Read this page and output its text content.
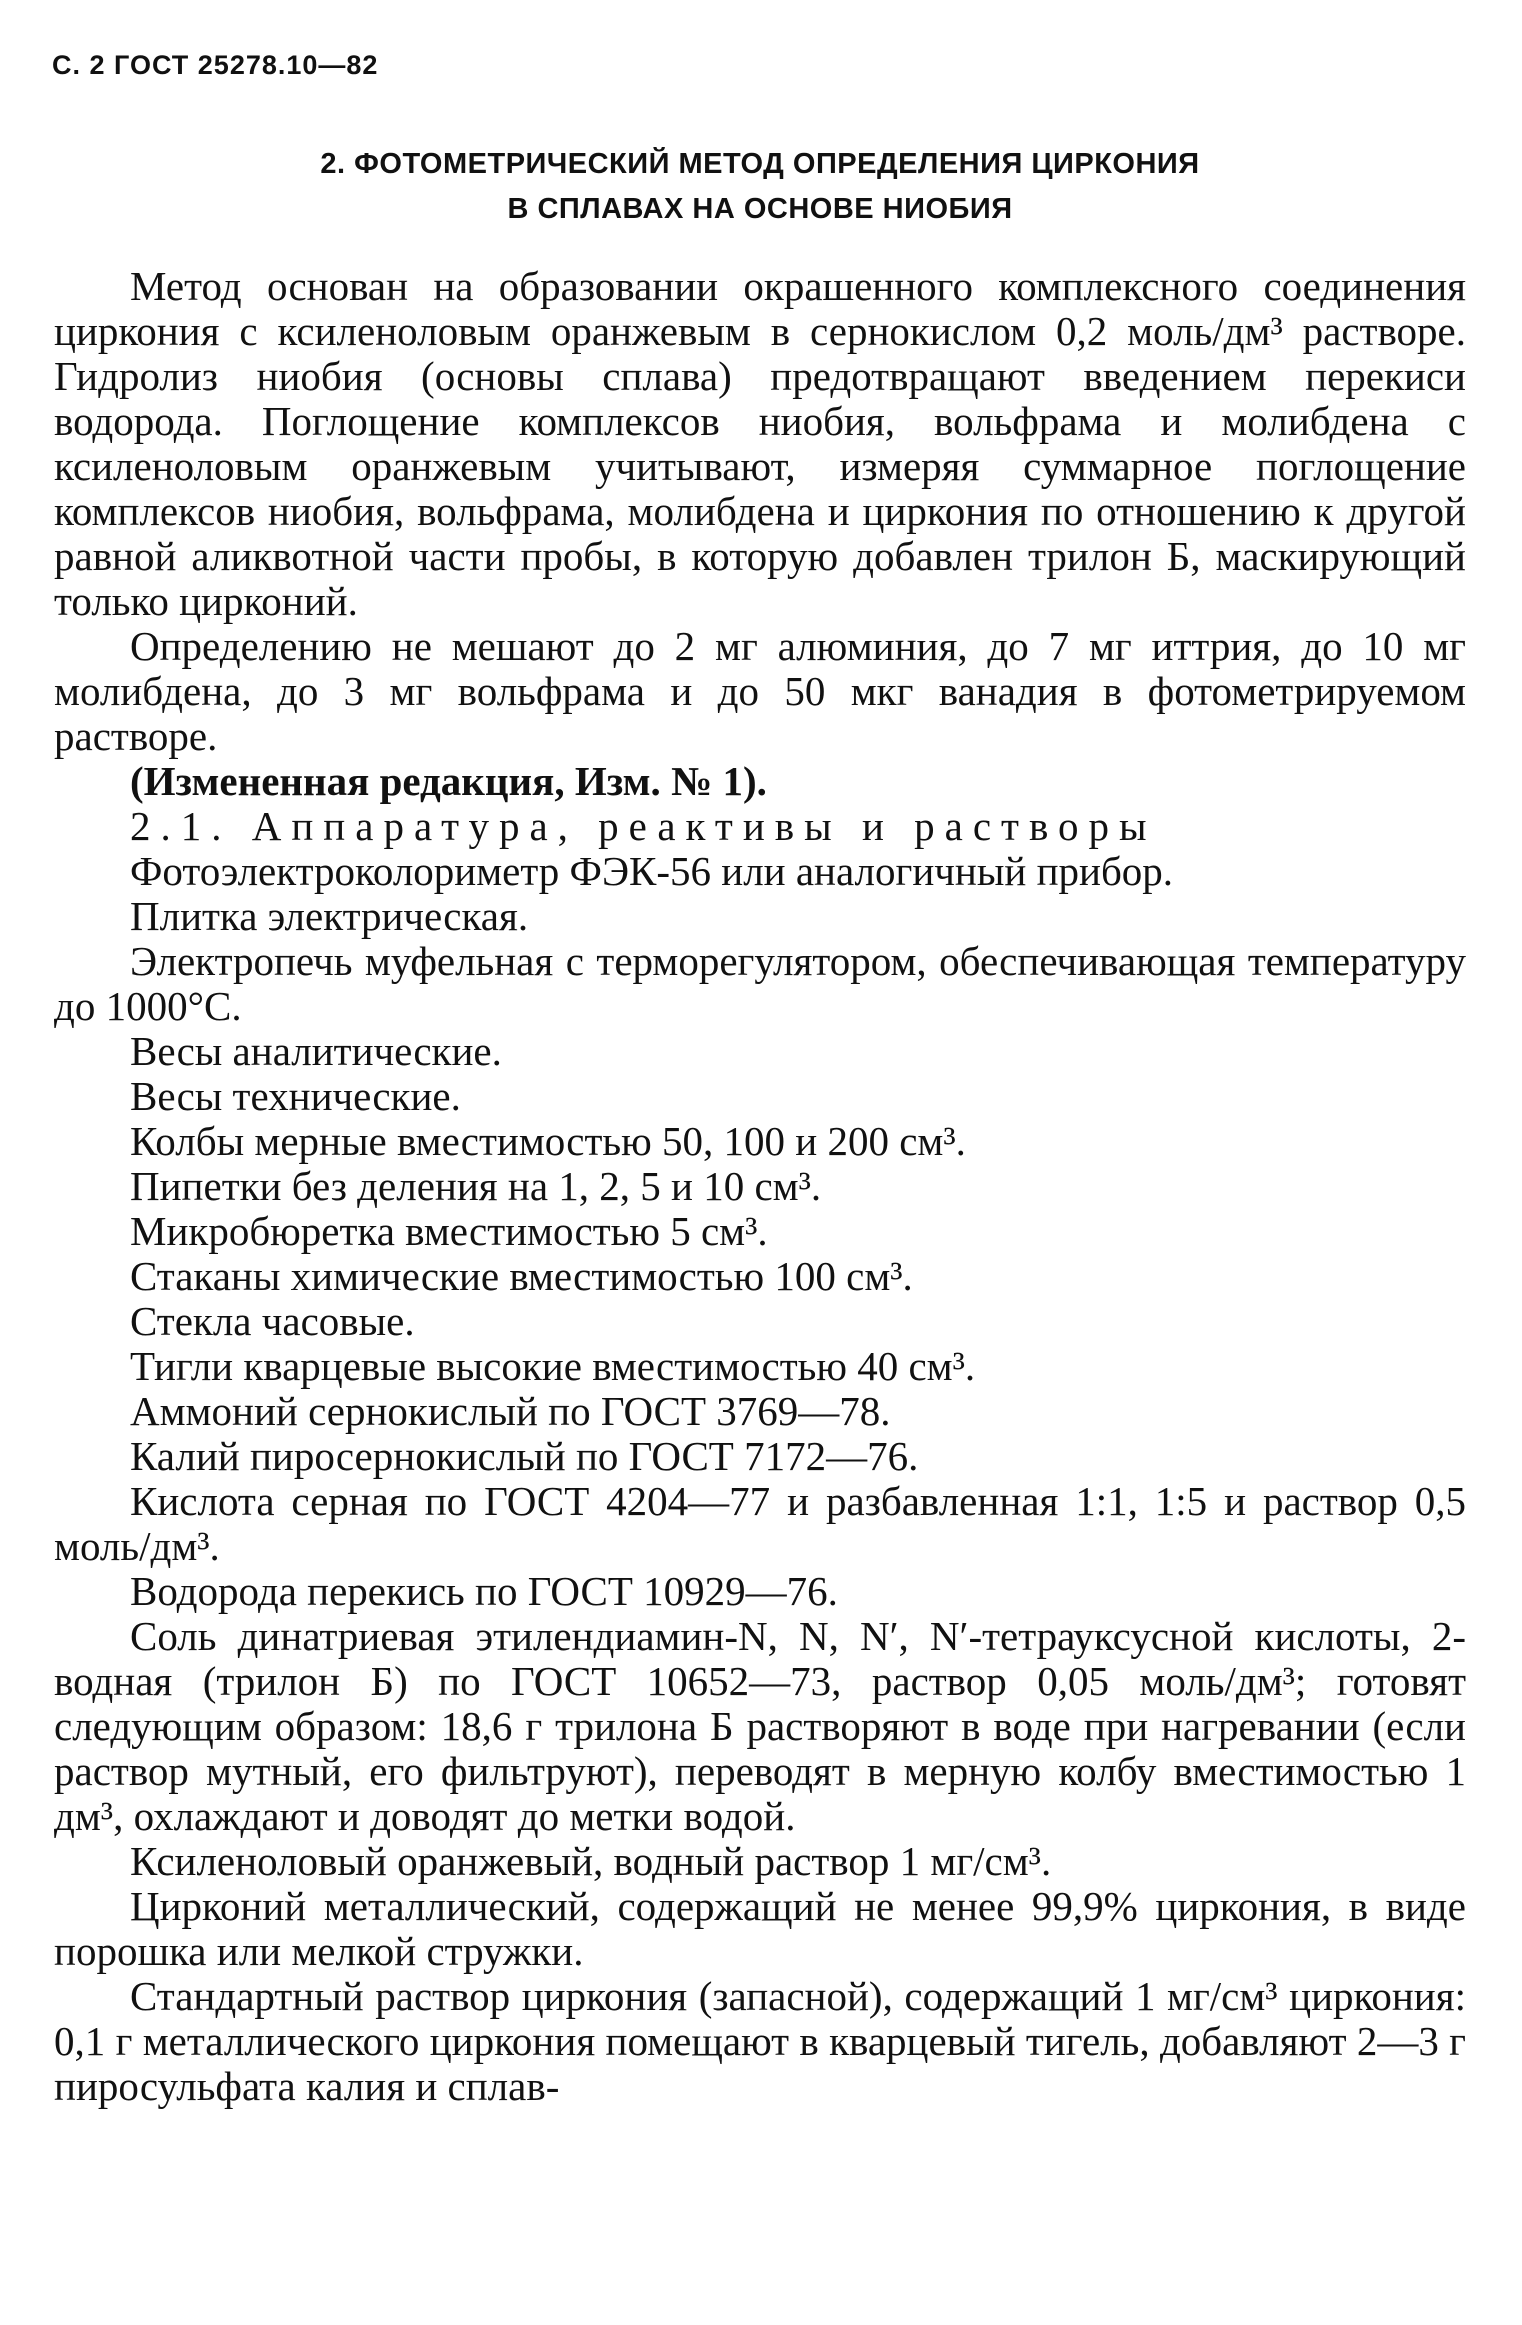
С. 2 ГОСТ 25278.10—82
2. ФОТОМЕТРИЧЕСКИЙ МЕТОД ОПРЕДЕЛЕНИЯ ЦИРКОНИЯ
В СПЛАВАХ НА ОСНОВЕ НИОБИЯ

Метод основан на образовании окрашенного комплексного соединения циркония с ксиленоловым оранжевым в сернокислом 0,2 моль/дм³ растворе. Гидролиз ниобия (основы сплава) предотвращают введением перекиси водорода. Поглощение комплексов ниобия, вольфрама и молибдена с ксиленоловым оранжевым учитывают, измеряя суммарное поглощение комплексов ниобия, вольфрама, молибдена и циркония по отношению к другой равной аликвотной части пробы, в которую добавлен трилон Б, маскирующий только цирконий.

Определению не мешают до 2 мг алюминия, до 7 мг иттрия, до 10 мг молибдена, до 3 мг вольфрама и до 50 мкг ванадия в фотометрируемом растворе.

(Измененная редакция, Изм. № 1).

2.1. Аппаратура, реактивы и растворы

Фотоэлектроколориметр ФЭК-56 или аналогичный прибор.

Плитка электрическая.

Электропечь муфельная с терморегулятором, обеспечивающая температуру до 1000°С.

Весы аналитические.

Весы технические.

Колбы мерные вместимостью 50, 100 и 200 см³.

Пипетки без деления на 1, 2, 5 и 10 см³.

Микробюретка вместимостью 5 см³.

Стаканы химические вместимостью 100 см³.

Стекла часовые.

Тигли кварцевые высокие вместимостью 40 см³.

Аммоний сернокислый по ГОСТ 3769—78.

Калий пиросернокислый по ГОСТ 7172—76.

Кислота серная по ГОСТ 4204—77 и разбавленная 1:1, 1:5 и раствор 0,5 моль/дм³.

Водорода перекись по ГОСТ 10929—76.

Соль динатриевая этилендиамин-N, N, N′, N′-тетрауксусной кислоты, 2-водная (трилон Б) по ГОСТ 10652—73, раствор 0,05 моль/дм³; готовят следующим образом: 18,6 г трилона Б растворяют в воде при нагревании (если раствор мутный, его фильтруют), переводят в мерную колбу вместимостью 1 дм³, охлаждают и доводят до метки водой.

Ксиленоловый оранжевый, водный раствор 1 мг/см³.

Цирконий металлический, содержащий не менее 99,9% циркония, в виде порошка или мелкой стружки.

Стандартный раствор циркония (запасной), содержащий 1 мг/см³ циркония: 0,1 г металлического циркония помещают в кварцевый тигель, добавляют 2—3 г пиросульфата калия и сплав-
